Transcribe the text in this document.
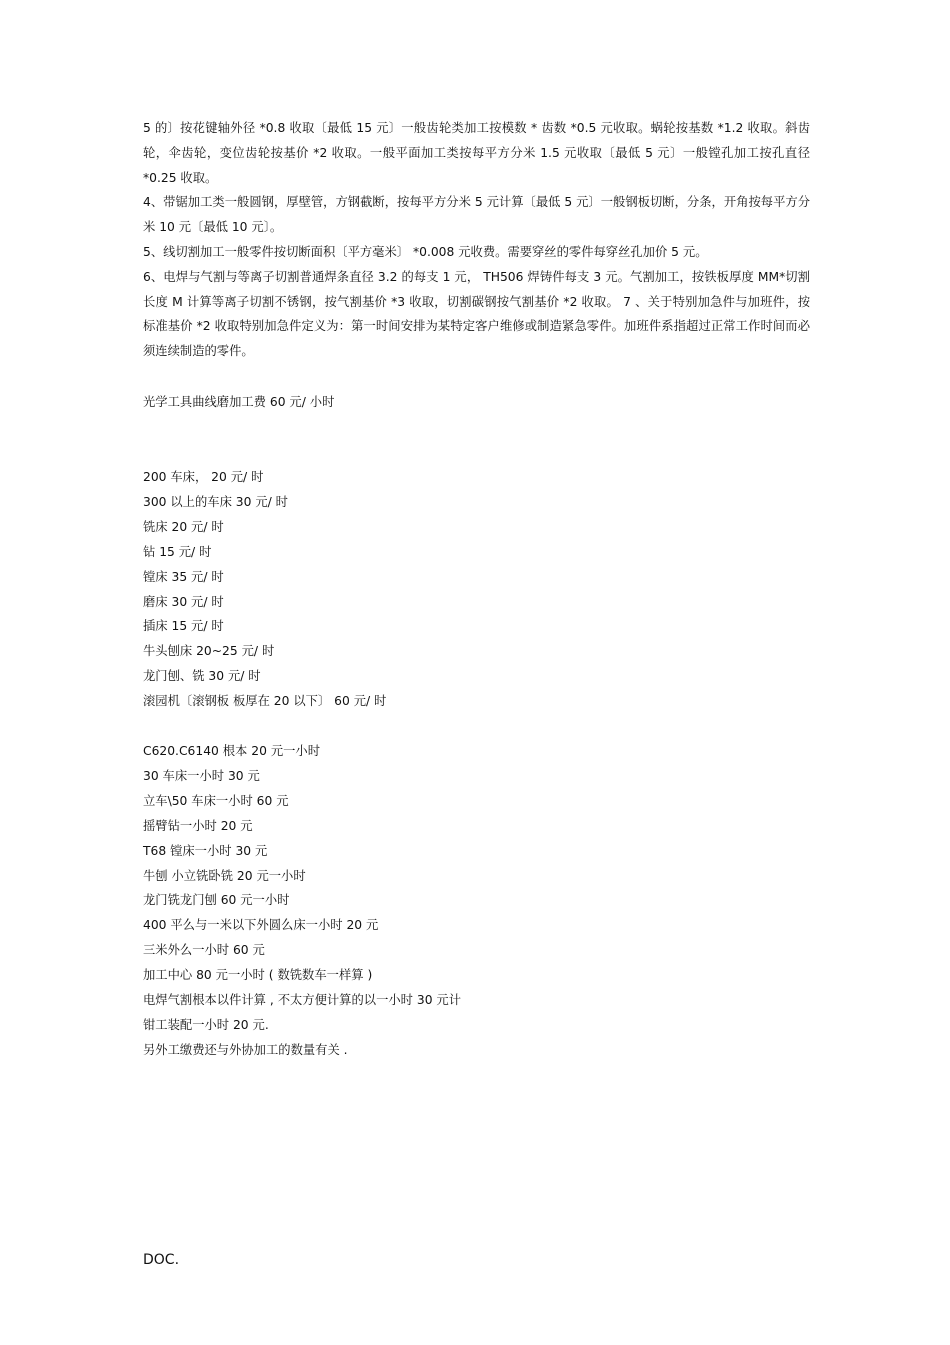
5 的〕按花键轴外径 *0.8 收取〔最低 15 元〕一般齿轮类加工按模数 * 齿数 *0.5 元收取。蜗轮按基数 *1.2 收取。斜齿轮，伞齿轮，变位齿轮按基价 *2 收取。一般平面加工类按每平方分米 1.5 元收取〔最低 5 元〕一般镗孔加工按孔直径 *0.25 收取。

4、带锯加工类一般圆钢，厚壁管，方钢截断，按每平方分米 5 元计算〔最低 5 元〕一般钢板切断，分条，开角按每平方分米 10 元〔最低 10 元〕。

5、线切割加工一般零件按切断面积〔平方毫米〕 *0.008 元收费。需要穿丝的零件每穿丝孔加价 5 元。

6、电焊与气割与等离子切割普通焊条直径 3.2 的每支 1 元， TH506 焊铸件每支 3 元。气割加工，按铁板厚度 MM*切割长度 M 计算等离子切割不锈钢，按气割基价 *3 收取，切割碳钢按气割基价 *2 收取。 7 、关于特别加急件与加班件，按标准基价 *2 收取特别加急件定义为：第一时间安排为某特定客户维修或制造紧急零件。加班件系指超过正常工作时间而必须连续制造的零件。

光学工具曲线磨加工费 60 元/ 小时
200 车床， 20 元/ 时
300 以上的车床 30 元/ 时
铣床 20 元/ 时
钻 15 元/ 时
镗床 35 元/ 时
磨床 30 元/ 时
插床 15 元/ 时
牛头刨床 20~25 元/ 时
龙门刨、铣 30 元/ 时
滚园机〔滚钢板 板厚在 20 以下〕 60 元/ 时
C620.C6140 根本 20 元一小时
30 车床一小时 30 元
立车\50 车床一小时 60 元
摇臂钻一小时 20 元
T68 镗床一小时 30 元
牛刨 小立铣卧铣 20 元一小时
龙门铣龙门刨 60 元一小时
400 平么与一米以下外圆么床一小时 20 元
三米外么一小时 60 元
加工中心 80 元一小时 ( 数铣数车一样算 )
电焊气割根本以件计算 , 不太方便计算的以一小时 30 元计
钳工装配一小时 20 元.
另外工缴费还与外协加工的数量有关 .
DOC.
